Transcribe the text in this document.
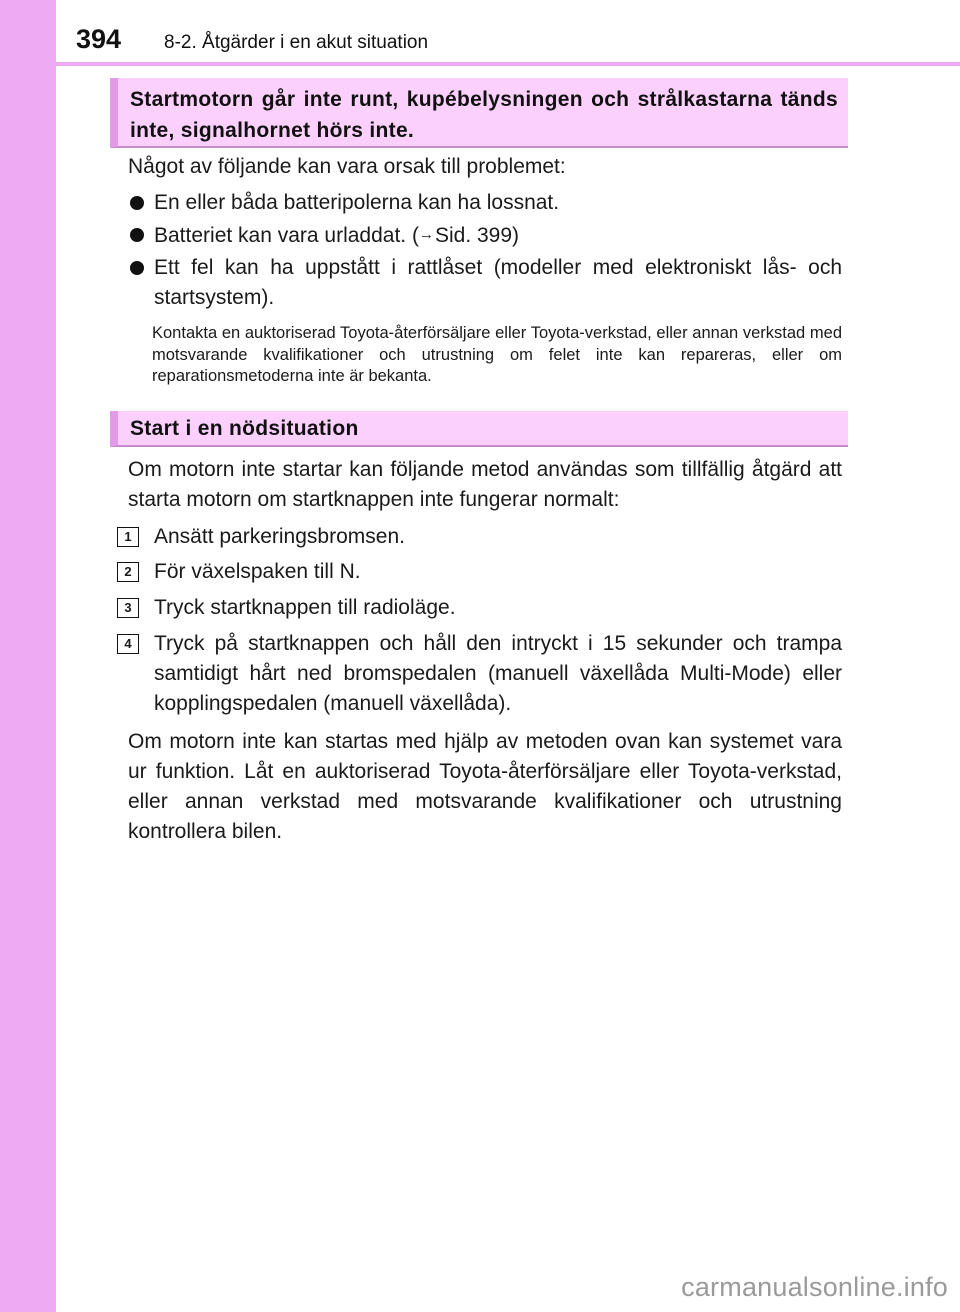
394 8-2. Åtgärder i en akut situation
Startmotorn går inte runt, kupébelysningen och strålkastarna tänds inte, signalhornet hörs inte.
Något av följande kan vara orsak till problemet:
En eller båda batteripolerna kan ha lossnat.
Batteriet kan vara urladdat. (→Sid. 399)
Ett fel kan ha uppstått i rattlåset (modeller med elektroniskt lås- och startsystem).
Kontakta en auktoriserad Toyota-återförsäljare eller Toyota-verkstad, eller annan verkstad med motsvarande kvalifikationer och utrustning om felet inte kan repareras, eller om reparationsmetoderna inte är bekanta.
Start i en nödsituation
Om motorn inte startar kan följande metod användas som tillfällig åtgärd att starta motorn om startknappen inte fungerar normalt:
1	Ansätt parkeringsbromsen.
2	För växelspaken till N.
3	Tryck startknappen till radioläge.
4	Tryck på startknappen och håll den intryckt i 15 sekunder och trampa samtidigt hårt ned bromspedalen (manuell växellåda Multi-Mode) eller kopplingspedalen (manuell växellåda).
Om motorn inte kan startas med hjälp av metoden ovan kan systemet vara ur funktion. Låt en auktoriserad Toyota-återförsäljare eller Toyota-verkstad, eller annan verkstad med motsvarande kvalifikationer och utrustning kontrollera bilen.
carmanualsonline.info
